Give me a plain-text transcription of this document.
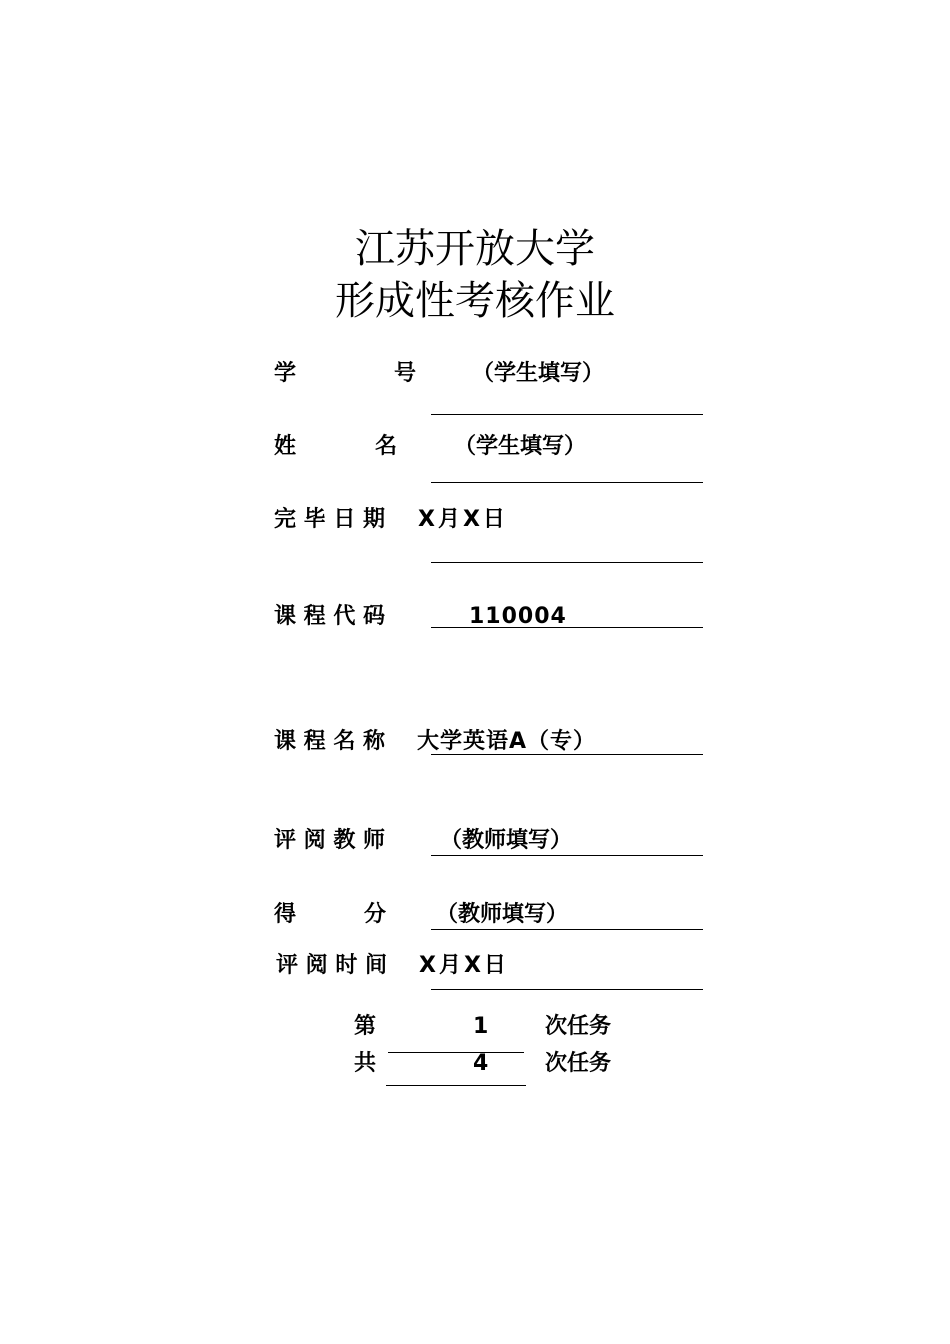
江苏开放大学
形成性考核作业
学	号	（学生填写）
姓	名	（学生填写）
完 毕 日 期 X月X日
课 程 代 码	110004
课 程 名 称 大学英语A（专）
评 阅 教 师	（教师填写）
得	分 （教师填写）
评 阅 时 间 X月X日
第	1	次任务
共	4	次任务
